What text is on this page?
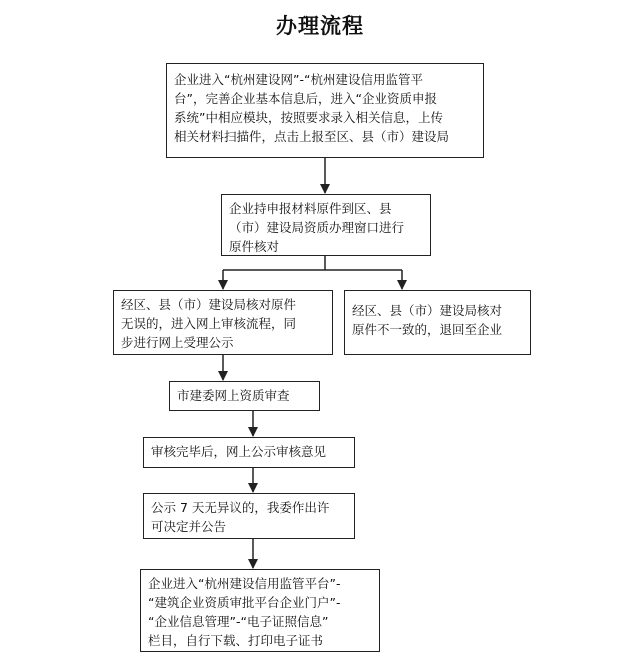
办理流程
企业进入“杭州建设网”-“杭州建设信用监管平
台”，完善企业基本信息后，进入“企业资质申报
系统”中相应模块，按照要求录入相关信息，上传
相关材料扫描件，点击上报至区、县（市）建设局
企业持申报材料原件到区、县
（市）建设局资质办理窗口进行
原件核对
经区、县（市）建设局核对原件
无误的，进入网上审核流程，同
步进行网上受理公示
经区、县（市）建设局核对
原件不一致的，退回至企业
市建委网上资质审查
审核完毕后，网上公示审核意见
公示 7 天无异议的，我委作出许
可决定并公告
企业进入“杭州建设信用监管平台”-
“建筑企业资质审批平台企业门户”-
“企业信息管理”-“电子证照信息”
栏目，自行下载、打印电子证书
